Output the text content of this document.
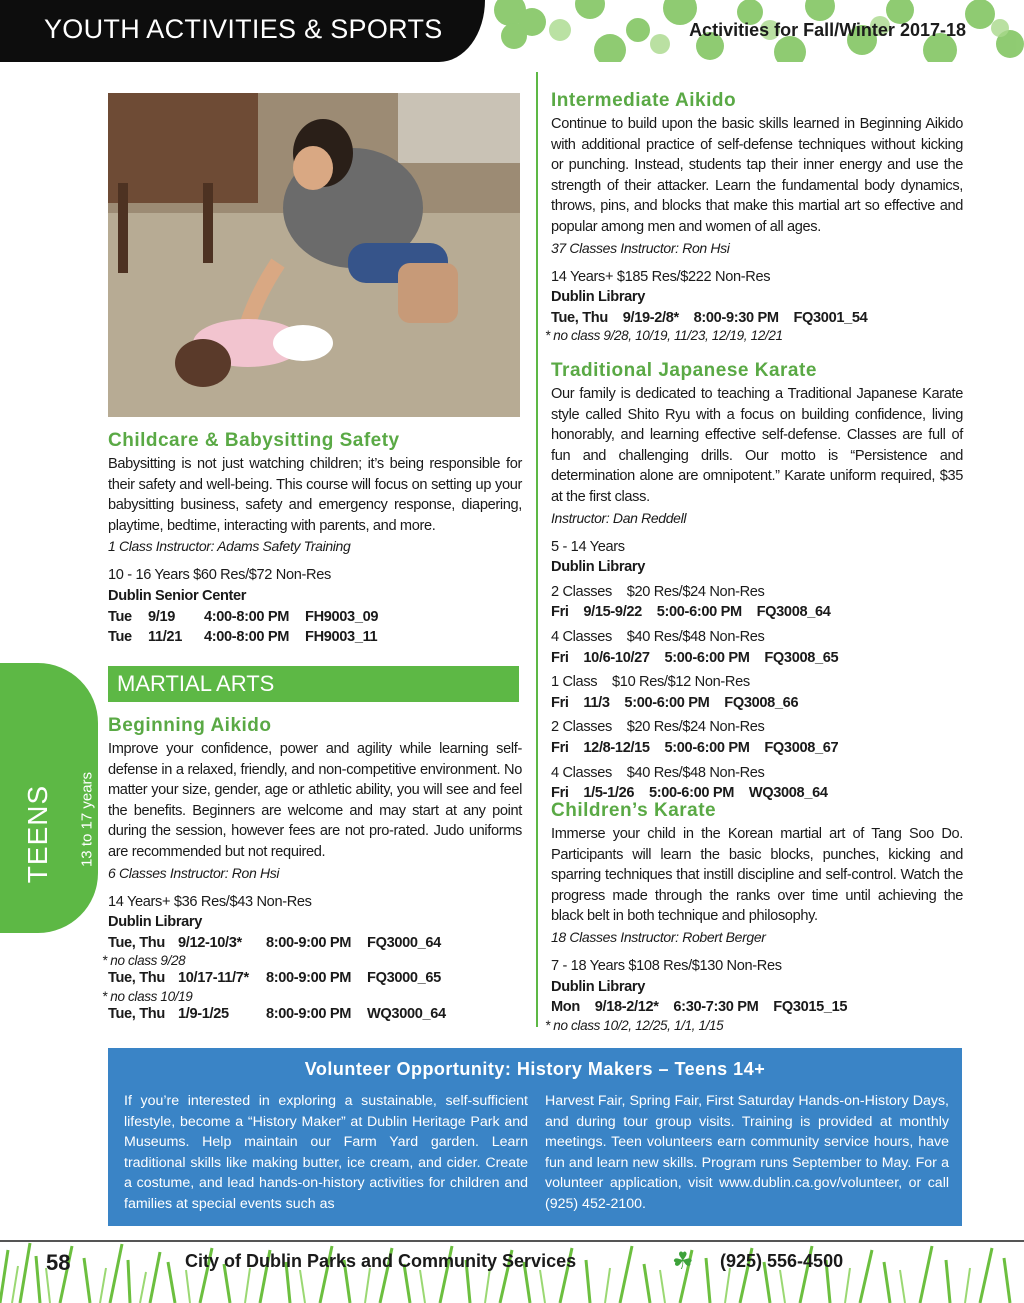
YOUTH ACTIVITIES & SPORTS	Activities for Fall/Winter 2017-18
TEENS 13 to 17 years
Childcare & Babysitting Safety

Babysitting is not just watching children; it’s being responsible for their safety and well-being. This course will focus on setting up your babysitting business, safety and emergency response, diapering, playtime, bedtime, interacting with parents, and more.

1 Class Instructor: Adams Safety Training
10 - 16 Years $60 Res/$72 Non-Res
Dublin Senior Center
Tue 9/19 4:00-8:00 PM FH9003_09
Tue 11/21 4:00-8:00 PM FH9003_11
MARTIAL ARTS
Beginning Aikido

Improve your confidence, power and agility while learning self-defense in a relaxed, friendly, and non-competitive environment. No matter your size, gender, age or athletic ability, you will see and feel the benefits. Beginners are welcome and may start at any point during the session, however fees are not pro-rated. Judo uniforms are recommended but not required.

6 Classes Instructor: Ron Hsi
14 Years+ $36 Res/$43 Non-Res
Dublin Library
Tue, Thu 9/12-10/3* 8:00-9:00 PM FQ3000_64
* no class 9/28
Tue, Thu 10/17-11/7* 8:00-9:00 PM FQ3000_65
* no class 10/19
Tue, Thu 1/9-1/25	8:00-9:00 PM WQ3000_64
Intermediate Aikido

Continue to build upon the basic skills learned in Beginning Aikido with additional practice of self-defense techniques without kicking or punching. Instead, students tap their inner energy and use the strength of their attacker. Learn the fundamental body dynamics, throws, pins, and blocks that make this martial art so effective and popular among men and women of all ages.

37 Classes Instructor: Ron Hsi
14 Years+ $185 Res/$222 Non-Res
Dublin Library
Tue, Thu    9/19-2/8*    8:00-9:30 PM    FQ3001_54
* no class 9/28, 10/19, 11/23, 12/19, 12/21
Traditional Japanese Karate

Our family is dedicated to teaching a Traditional Japanese Karate style called Shito Ryu with a focus on building confidence, living honorably, and learning effective self-defense. Classes are full of fun and challenging drills. Our motto is “Persistence and determination alone are omnipotent.” Karate uniform required, $35 at the first class.

Instructor: Dan Reddell
5 - 14 Years
Dublin Library
2 Classes    $20 Res/$24 Non-Res
Fri    9/15-9/22    5:00-6:00 PM    FQ3008_64
4 Classes    $40 Res/$48 Non-Res
Fri    10/6-10/27    5:00-6:00 PM    FQ3008_65
1 Class    $10 Res/$12 Non-Res
Fri    11/3    5:00-6:00 PM    FQ3008_66
2 Classes    $20 Res/$24 Non-Res
Fri    12/8-12/15    5:00-6:00 PM    FQ3008_67
4 Classes    $40 Res/$48 Non-Res
Fri    1/5-1/26    5:00-6:00 PM    WQ3008_64
Children’s Karate

Immerse your child in the Korean martial art of Tang Soo Do. Participants will learn the basic blocks, punches, kicking and sparring techniques that instill discipline and self-control. Watch the progress made through the ranks over time until achieving the black belt in both technique and philosophy.

18 Classes Instructor: Robert Berger
7 - 18 Years $108 Res/$130 Non-Res
Dublin Library
Mon    9/18-2/12*    6:30-7:30 PM    FQ3015_15
* no class 10/2, 12/25, 1/1, 1/15
Volunteer Opportunity: History Makers – Teens 14+
If you’re interested in exploring a sustainable, self-sufficient lifestyle, become a “History Maker” at Dublin Heritage Park and Museums. Help maintain our Farm Yard garden. Learn traditional skills like making butter, ice cream, and cider. Create a costume, and lead hands-on-history activities for children and families at special events such as
Harvest Fair, Spring Fair, First Saturday Hands-on-History Days, and during tour group visits. Training is provided at monthly meetings. Teen volunteers earn community service hours, have fun and learn new skills. Program runs September to May. For a volunteer application, visit www.dublin.ca.gov/volunteer, or call (925) 452-2100.
58	City of Dublin Parks and Community Services	☘ (925) 556-4500
